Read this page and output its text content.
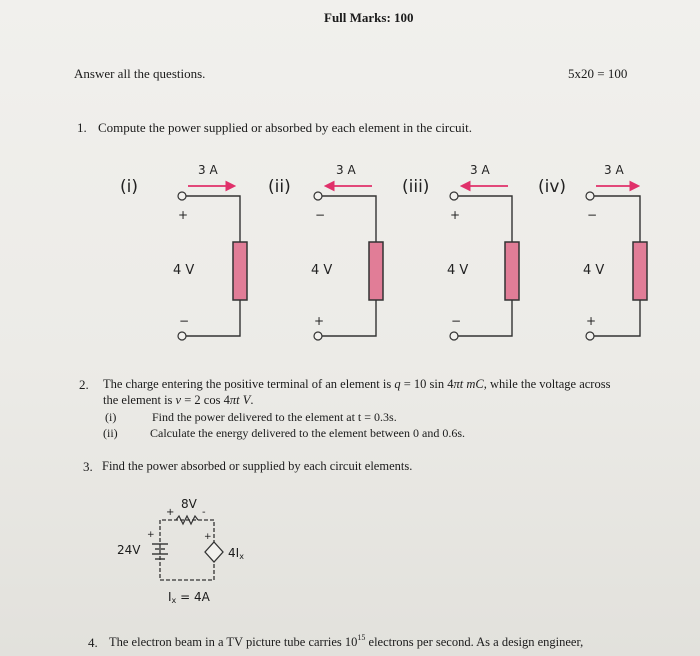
Full Marks: 100
Answer all the questions.	5x20 = 100
1. Compute the power supplied or absorbed by each element in the circuit.
(i)
3 A
4 V
+
−
(ii)
3 A
4 V
−
+
(iii)
3 A
4 V
+
−
(iv)
3 A
4 V
−
+
2. The charge entering the positive terminal of an element is q = 10 sin 4πt mC, while the voltage across
the element is v = 2 cos 4πt V.
(i)	Find the power delivered to the element at t = 0.3s.
(ii)	Calculate the energy delivered to the element between 0 and 0.6s.
3. Find the power absorbed or supplied by each circuit elements.
8V
+	-
24V
+	+
$4I_x$
$I_x = 4A$
4. The electron beam in a TV picture tube carries $10^{15}$ electrons per second. As a design engineer,
